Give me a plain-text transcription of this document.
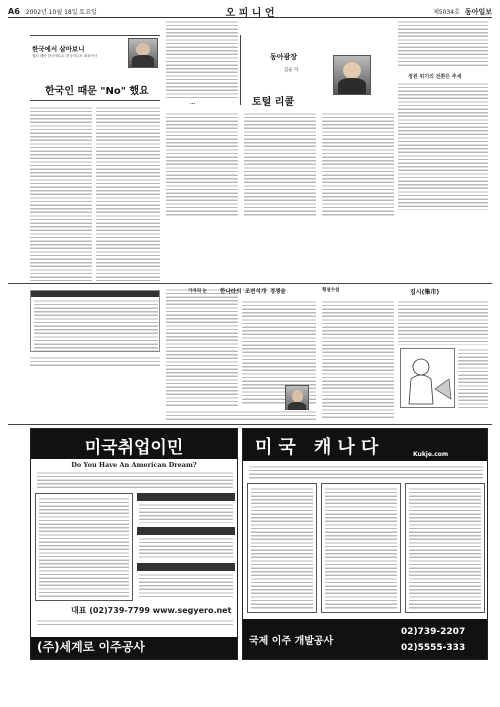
A6 2002년 10월 18일 토요일	오 피 니 언	제5034호 동아일보
한국에서 살아보니
권터 레만 한국에토로 한국사무소 대표이사
한국인 때문 "No" 했요
...
동아광장
김순 덕
토털 리콜
정원 위기의 전환은 추세
기자의 눈 한나라의 '조변석개' 경쟁술	횡설수설	집시(集市)
미국취업이민
Do You Have An American Dream?
대표 (02)739-7799 www.segyero.net
(주)세계로 이주공사
미국 캐나다	Kukje.com
국제 이주 개발공사
02)739-2207
02)5555-333
